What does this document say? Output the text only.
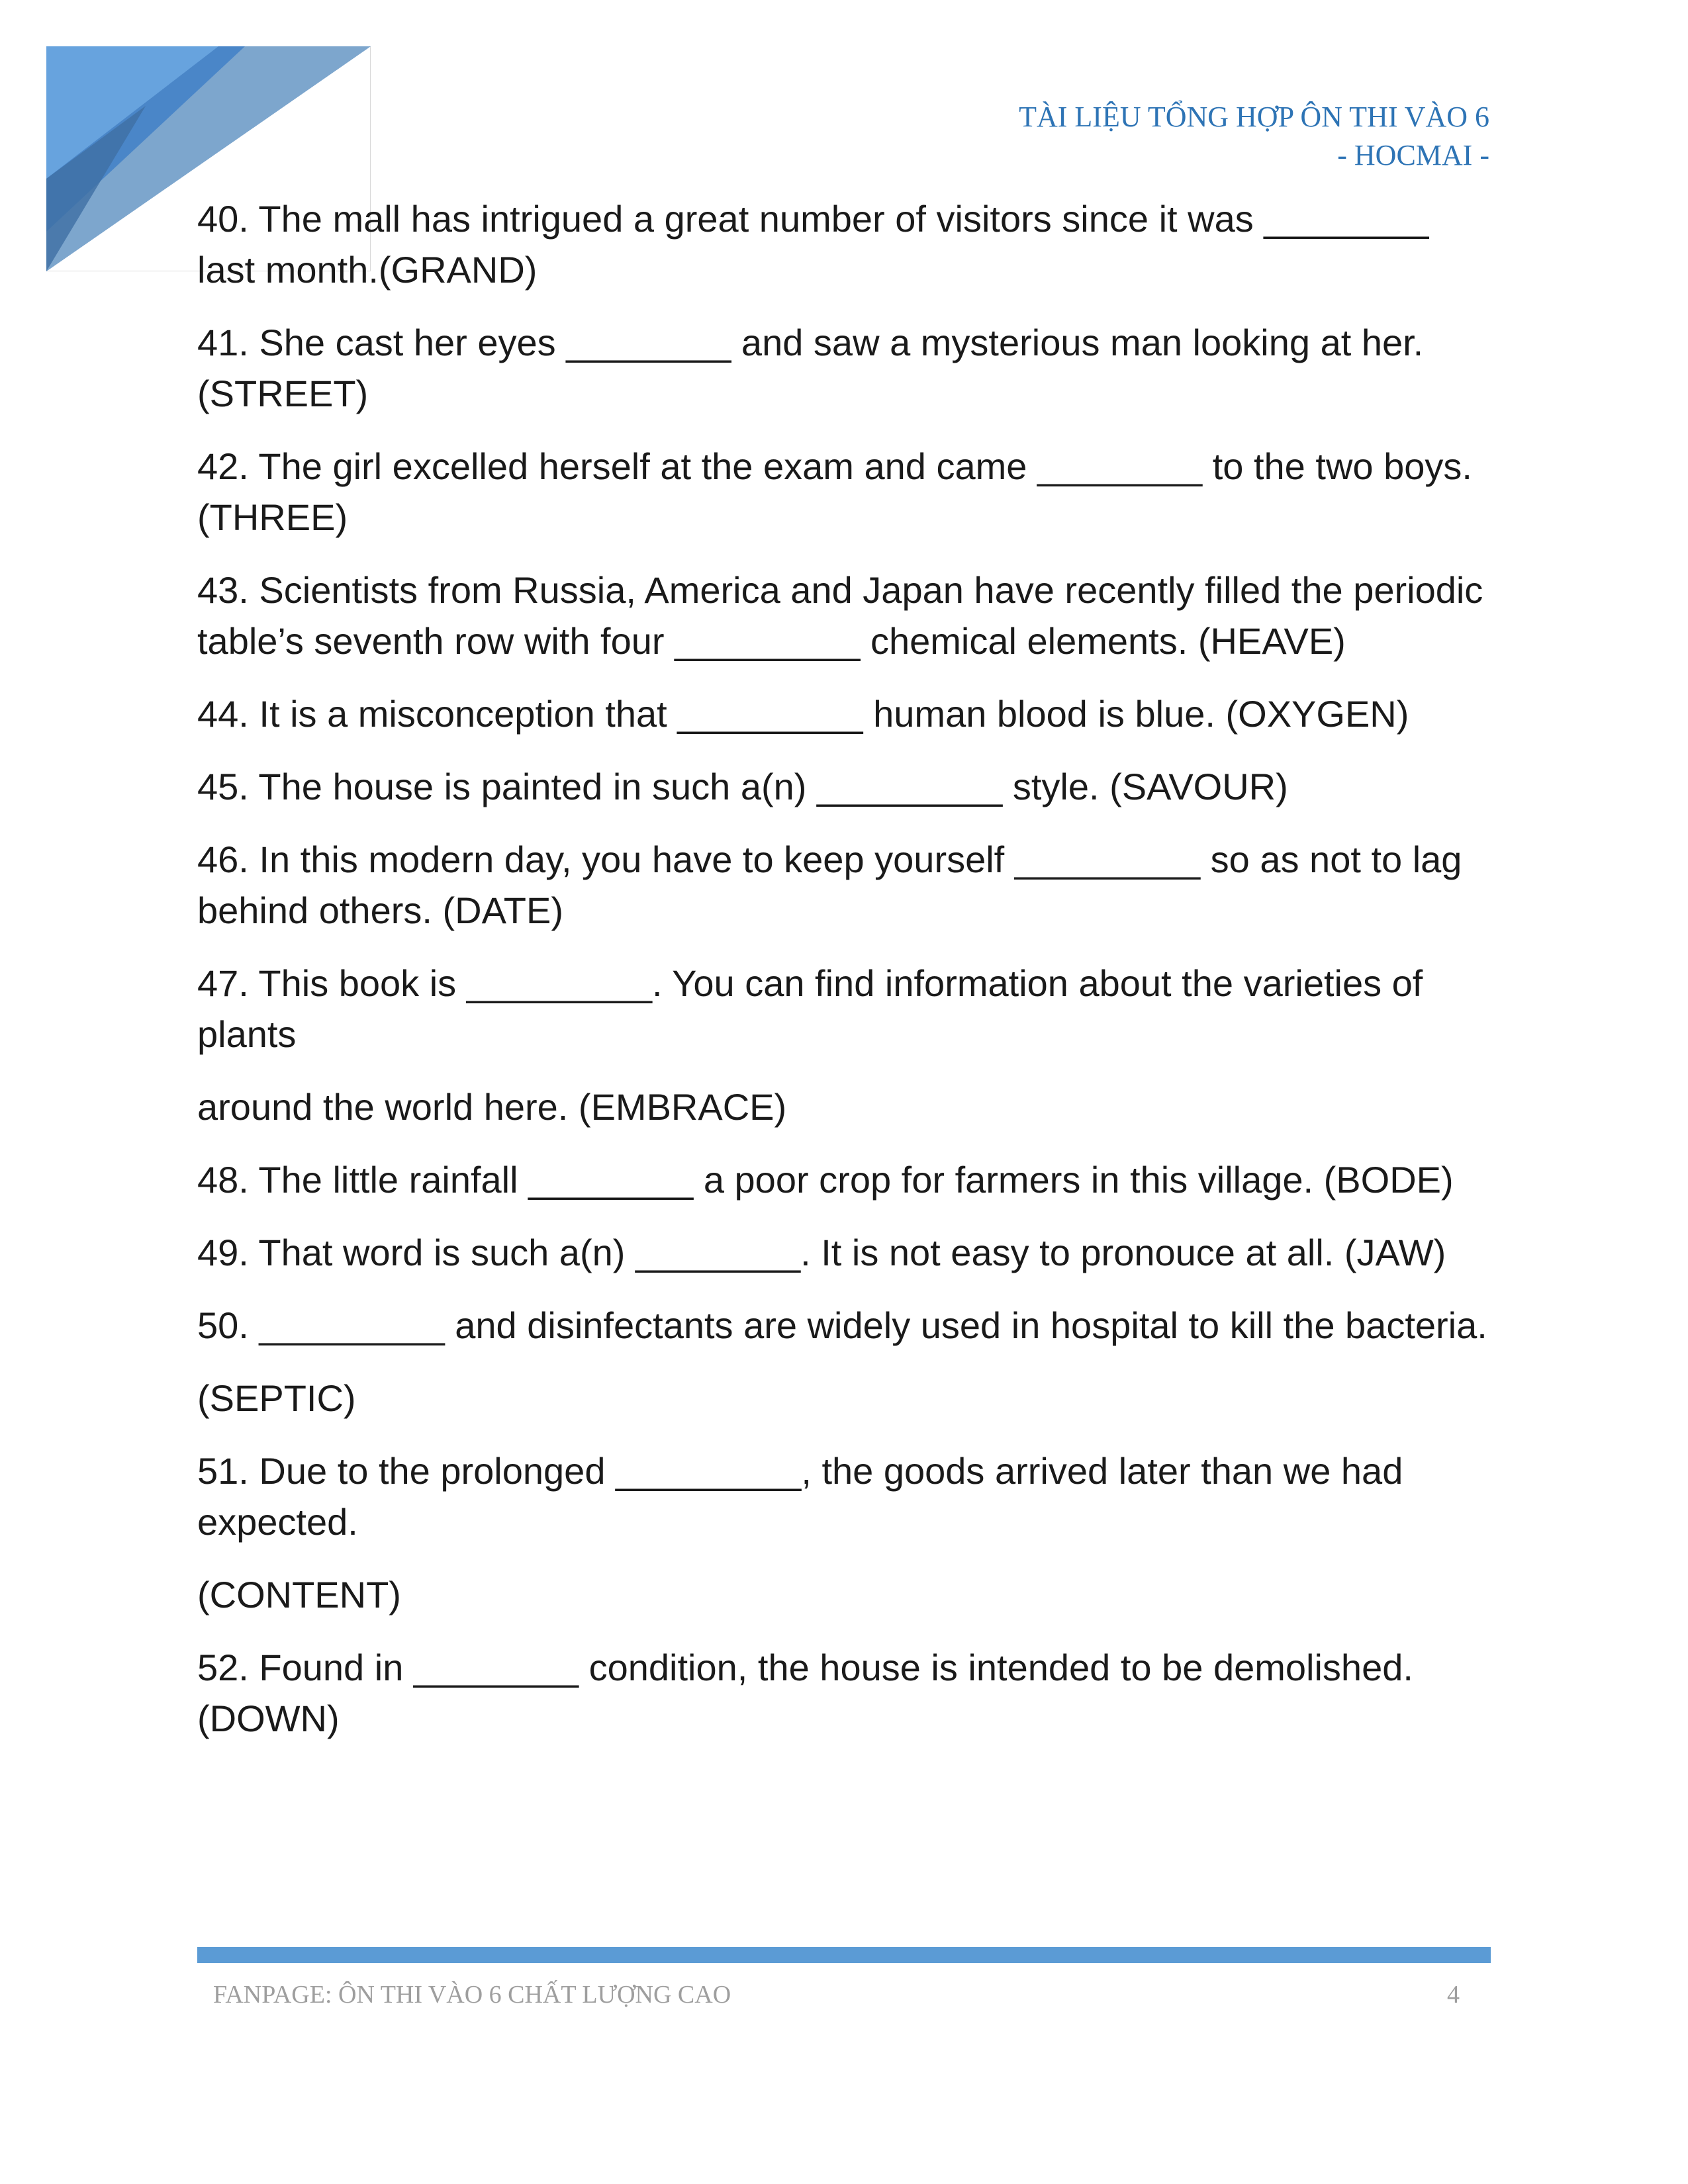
TÀI LIỆU TỔNG HỢP ÔN THI VÀO 6
- HOCMAI -

40. The mall has intrigued a great number of visitors since it was ________ last month.(GRAND)

41. She cast her eyes ________ and saw a mysterious man looking at her. (STREET)

42. The girl excelled herself at the exam and came ________ to the two boys. (THREE)

43. Scientists from Russia, America and Japan have recently filled the periodic table’s seventh row with four _________ chemical elements. (HEAVE)

44. It is a misconception that _________ human blood is blue. (OXYGEN)

45. The house is painted in such a(n) _________ style. (SAVOUR)

46. In this modern day, you have to keep yourself _________ so as not to lag behind others. (DATE)

47. This book is _________. You can find information about the varieties of plants

around the world here. (EMBRACE)

48. The little rainfall ________ a poor crop for farmers in this village. (BODE)

49. That word is such a(n) ________. It is not easy to pronouce at all. (JAW)

50. _________ and disinfectants are widely used in hospital to kill the bacteria.

(SEPTIC)

51. Due to the prolonged _________, the goods arrived later than we had expected.

(CONTENT)

52. Found in ________ condition, the house is intended to be demolished. (DOWN)

FANPAGE: ÔN THI VÀO 6 CHẤT LƯỢNG CAO	4
